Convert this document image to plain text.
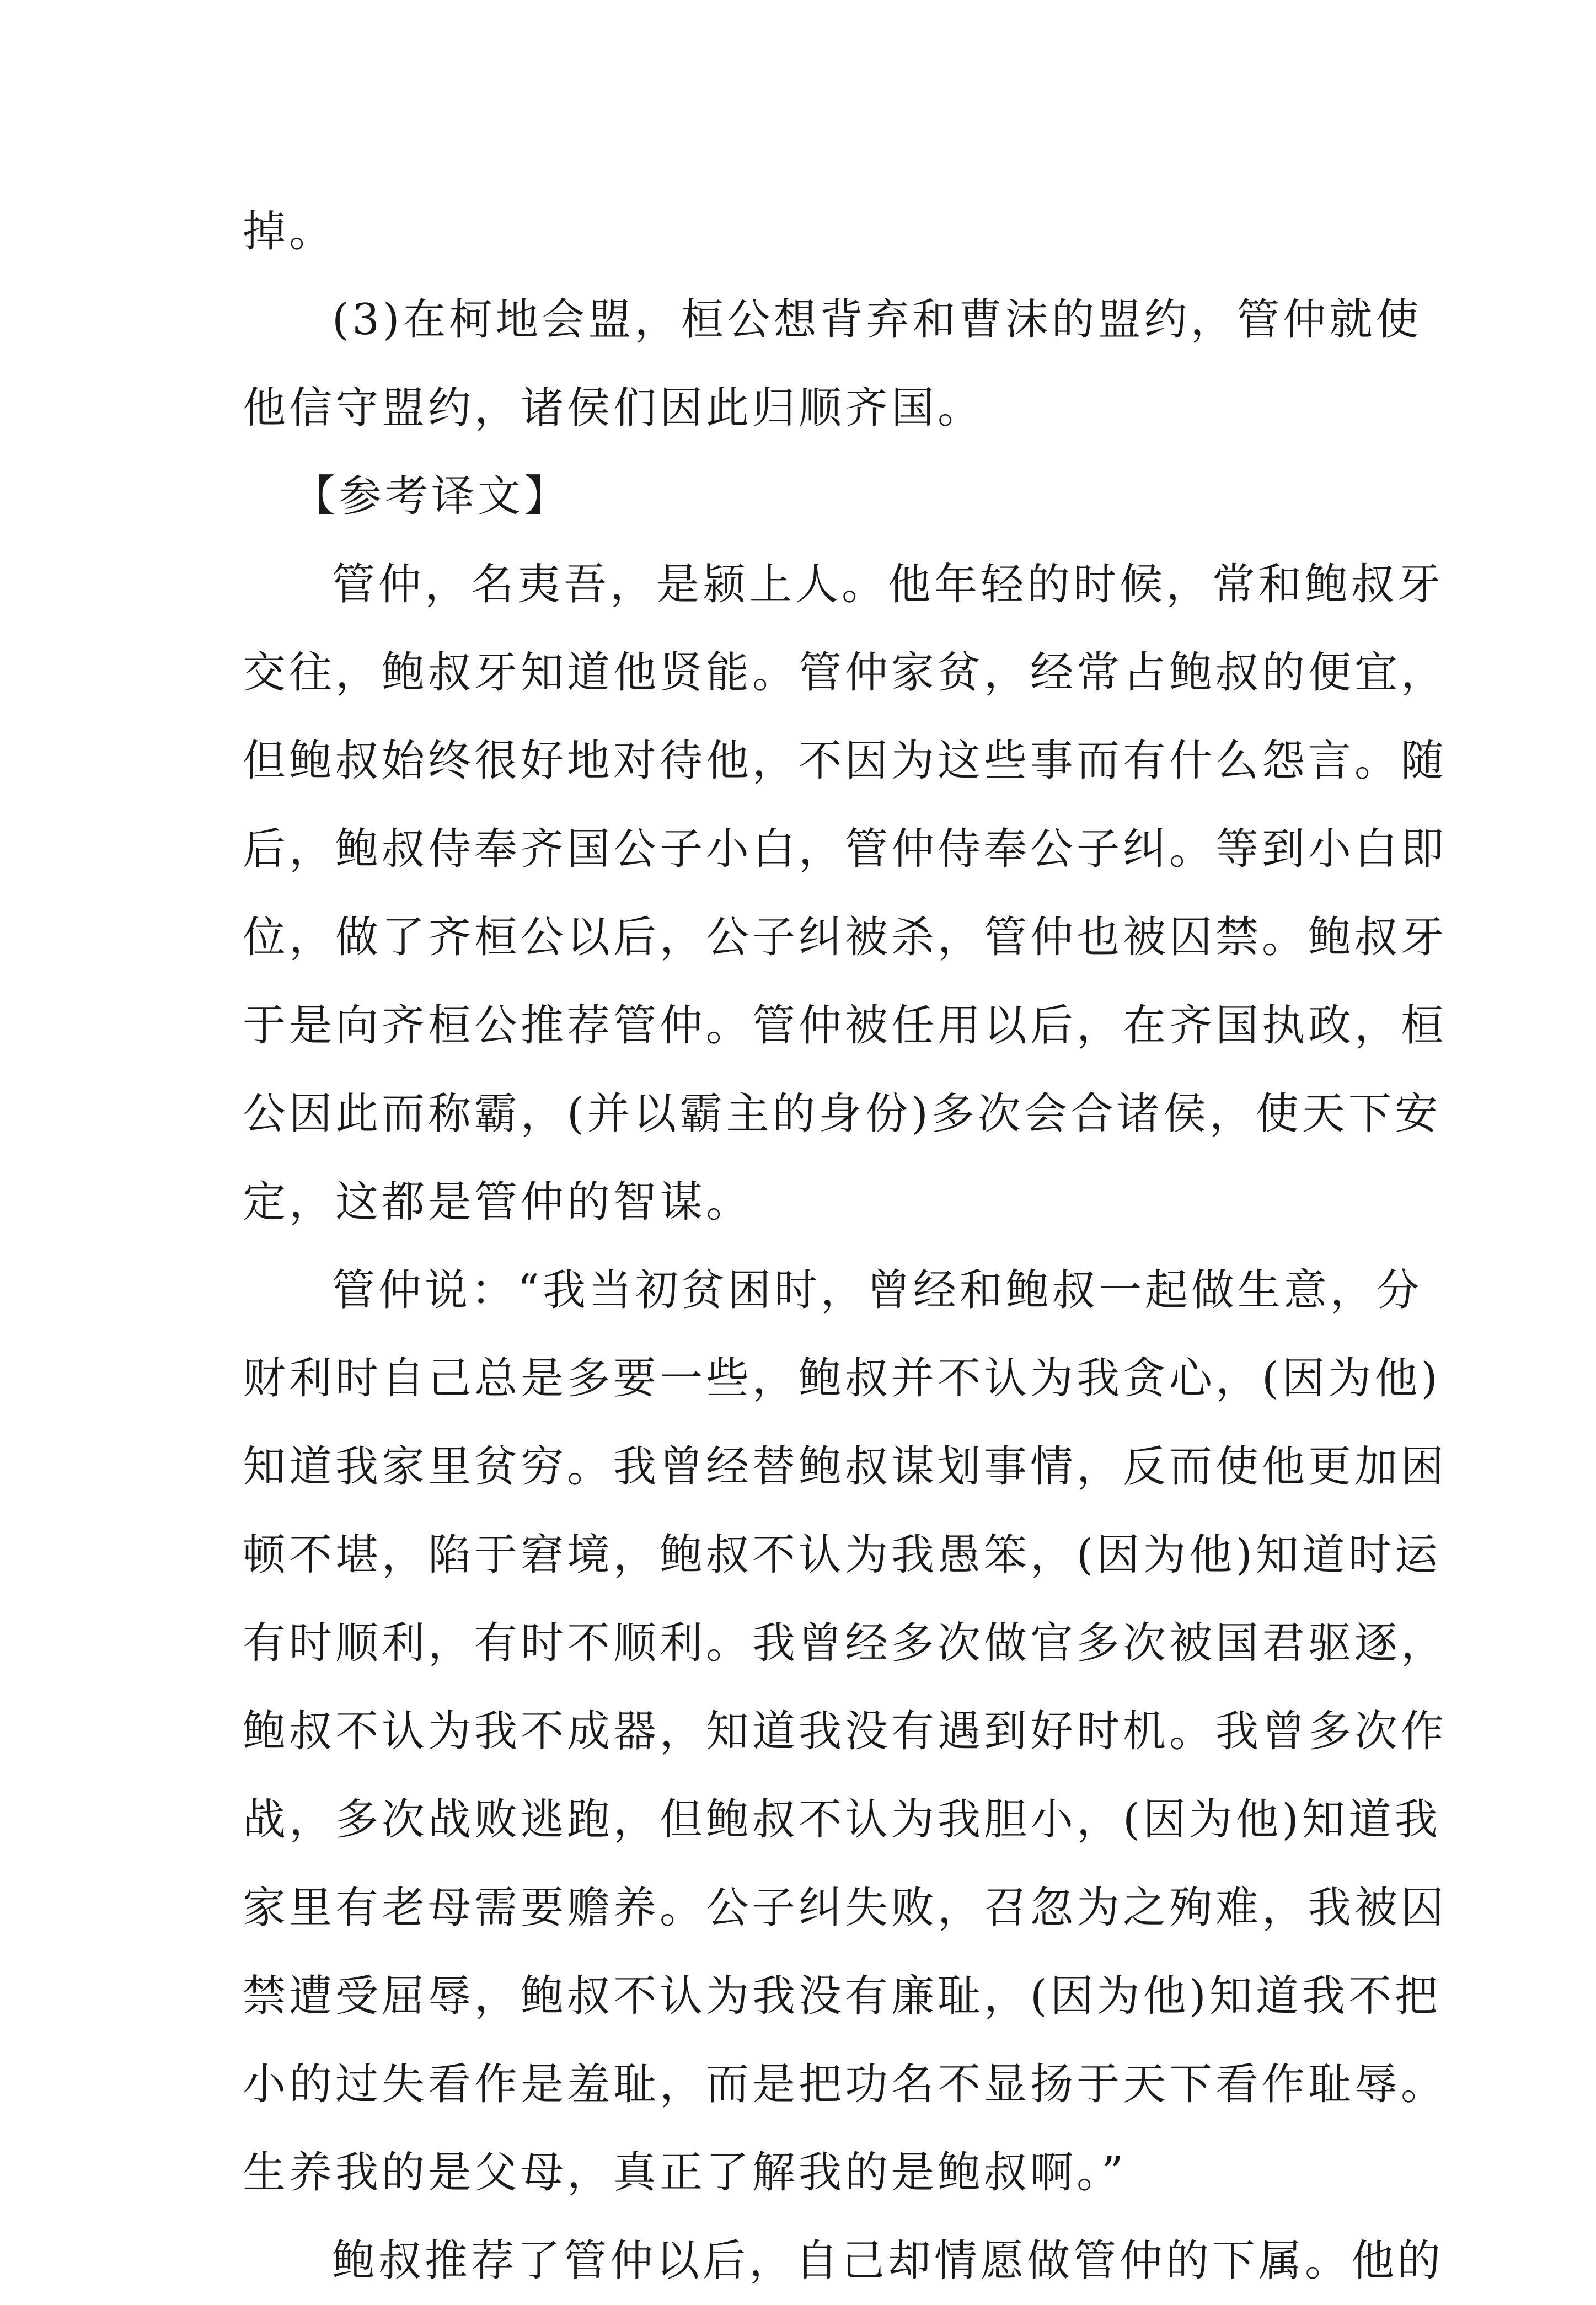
掉。

(3)在柯地会盟，桓公想背弃和曹沫的盟约，管仲就使
他信守盟约，诸侯们因此归顺齐国。

【参考译文】

管仲，名夷吾，是颍上人。他年轻的时候，常和鲍叔牙
交往，鲍叔牙知道他贤能。管仲家贫，经常占鲍叔的便宜，
但鲍叔始终很好地对待他，不因为这些事而有什么怨言。随
后，鲍叔侍奉齐国公子小白，管仲侍奉公子纠。等到小白即
位，做了齐桓公以后，公子纠被杀，管仲也被囚禁。鲍叔牙
于是向齐桓公推荐管仲。管仲被任用以后，在齐国执政，桓
公因此而称霸，(并以霸主的身份)多次会合诸侯，使天下安
定，这都是管仲的智谋。

管仲说：“我当初贫困时，曾经和鲍叔一起做生意，分
财利时自己总是多要一些，鲍叔并不认为我贪心，(因为他)
知道我家里贫穷。我曾经替鲍叔谋划事情，反而使他更加困
顿不堪，陷于窘境，鲍叔不认为我愚笨，(因为他)知道时运
有时顺利，有时不顺利。我曾经多次做官多次被国君驱逐，
鲍叔不认为我不成器，知道我没有遇到好时机。我曾多次作
战，多次战败逃跑，但鲍叔不认为我胆小，(因为他)知道我
家里有老母需要赡养。公子纠失败，召忽为之殉难，我被囚
禁遭受屈辱，鲍叔不认为我没有廉耻，(因为他)知道我不把
小的过失看作是羞耻，而是把功名不显扬于天下看作耻辱。
生养我的是父母，真正了解我的是鲍叔啊。”

鲍叔推荐了管仲以后，自己却情愿做管仲的下属。他的
